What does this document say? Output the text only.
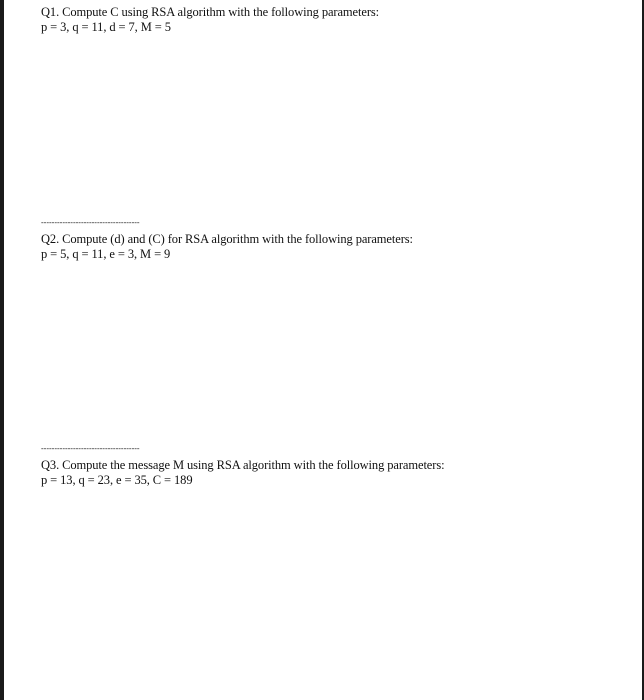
Q1. Compute C using RSA algorithm with the following parameters:
p = 3, q = 11, d = 7, M = 5
-------------------------------------
Q2. Compute (d) and (C) for RSA algorithm with the following parameters:
p = 5, q = 11, e = 3, M = 9
-------------------------------------
Q3. Compute the message M using RSA algorithm with the following parameters:
p = 13, q = 23, e = 35, C = 189
